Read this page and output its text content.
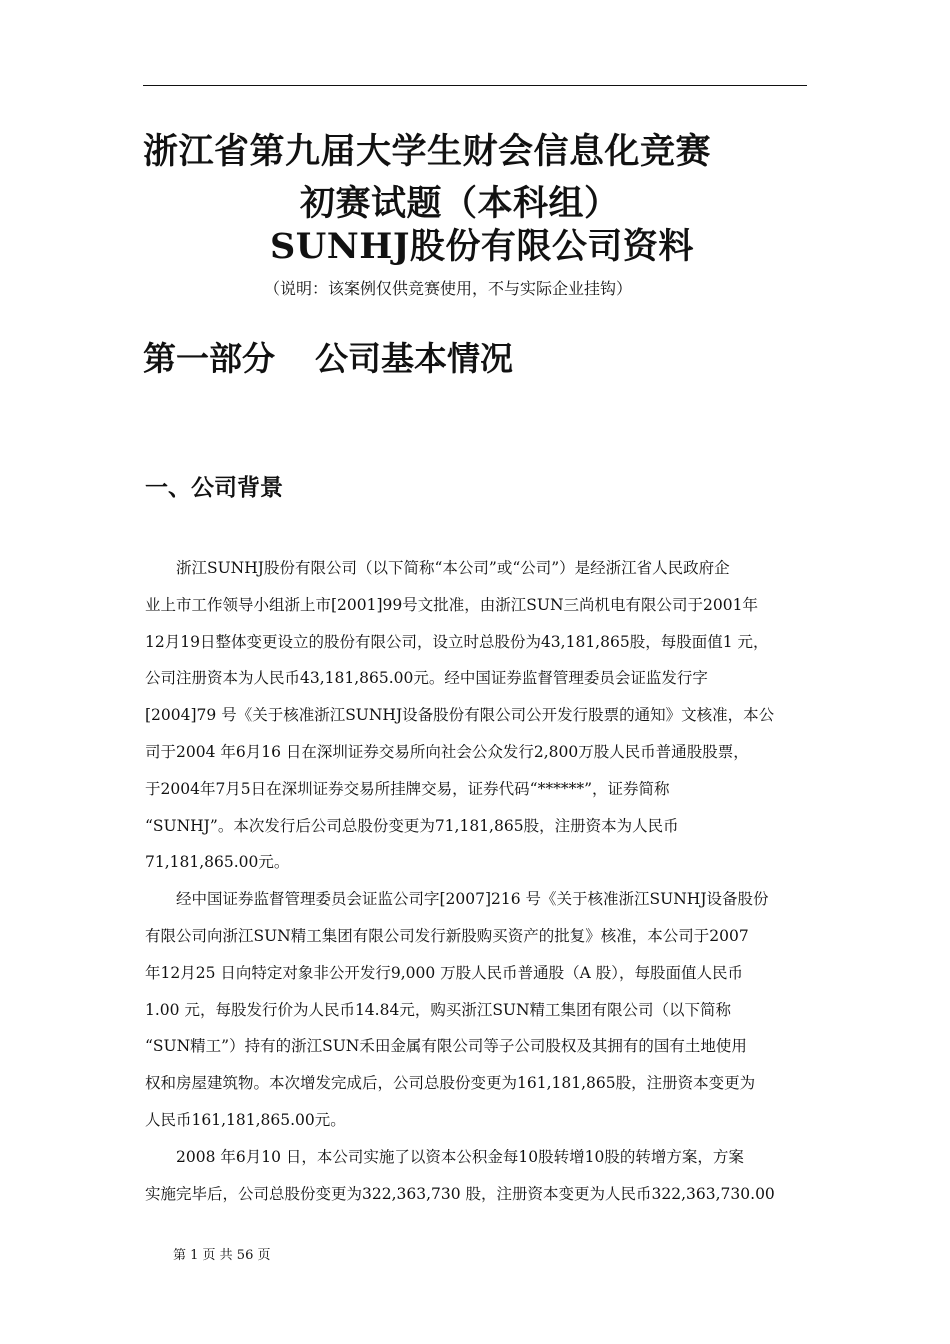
浙江省第九届大学生财会信息化竞赛
初赛试题（本科组）
SUNHJ股份有限公司资料
（说明：该案例仅供竞赛使用，不与实际企业挂钩）
第一部分 公司基本情况
一、公司背景
浙江SUNHJ股份有限公司（以下简称“本公司”或“公司”）是经浙江省人民政府企
业上市工作领导小组浙上市[2001]99号文批准，由浙江SUN三尚机电有限公司于2001年
12月19日整体变更设立的股份有限公司，设立时总股份为43,181,865股，每股面值1 元，
公司注册资本为人民币43,181,865.00元。经中国证券监督管理委员会证监发行字
[2004]79 号《关于核准浙江SUNHJ设备股份有限公司公开发行股票的通知》文核准，本公
司于2004 年6月16 日在深圳证券交易所向社会公众发行2,800万股人民币普通股股票，
于2004年7月5日在深圳证券交易所挂牌交易，证券代码“******”，证券简称
“SUNHJ”。本次发行后公司总股份变更为71,181,865股，注册资本为人民币
71,181,865.00元。
经中国证券监督管理委员会证监公司字[2007]216 号《关于核准浙江SUNHJ设备股份
有限公司向浙江SUN精工集团有限公司发行新股购买资产的批复》核准，本公司于2007
年12月25 日向特定对象非公开发行9,000 万股人民币普通股（A 股），每股面值人民币
1.00 元，每股发行价为人民币14.84元，购买浙江SUN精工集团有限公司（以下简称
“SUN精工”）持有的浙江SUN禾田金属有限公司等子公司股权及其拥有的国有土地使用
权和房屋建筑物。本次增发完成后，公司总股份变更为161,181,865股，注册资本变更为
人民币161,181,865.00元。
2008 年6月10 日，本公司实施了以资本公积金每10股转增10股的转增方案，方案
实施完毕后，公司总股份变更为322,363,730 股，注册资本变更为人民币322,363,730.00
第 1 页 共 56 页
